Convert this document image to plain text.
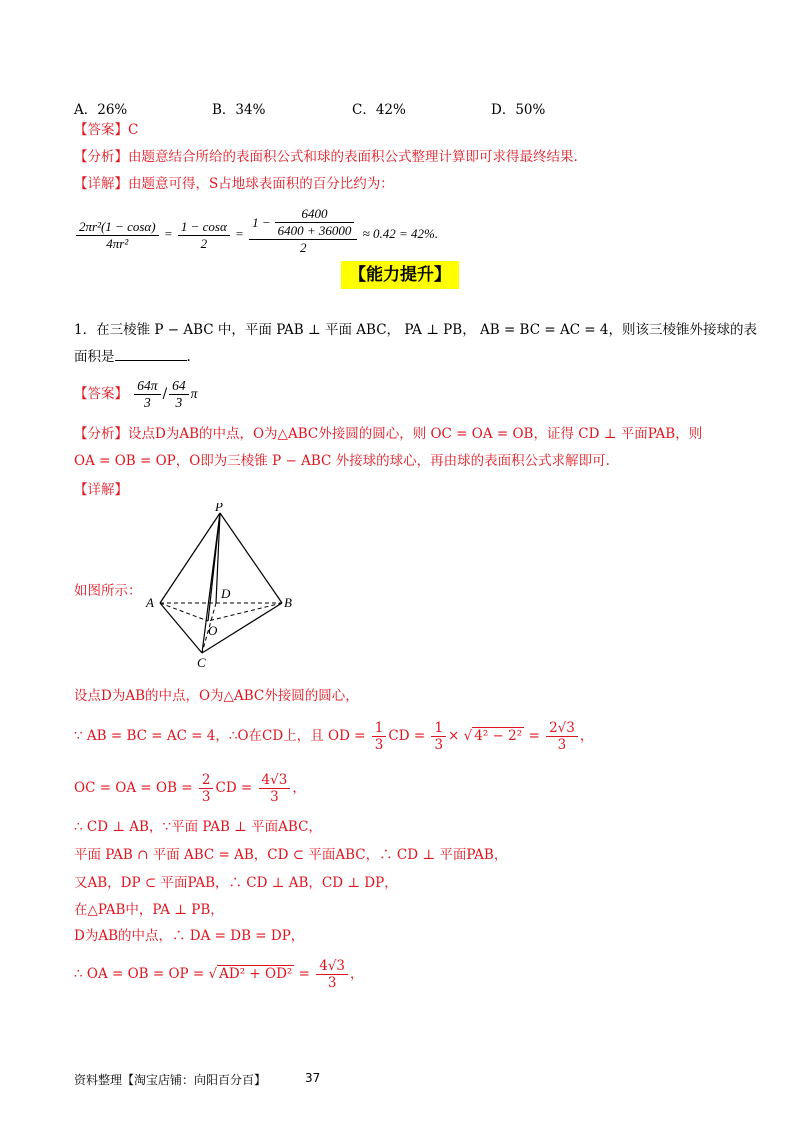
A．26%	B．34%	C．42%	D．50%
【答案】C
【分析】由题意结合所给的表面积公式和球的表面积公式整理计算即可求得最终结果.
【详解】由题意可得，S占地球表面积的百分比约为：
$\frac{\text{2πr²(1 − cosα)}}{\text{4πr²}} = \frac{1 - \cos\alpha}{2} = \frac{1 - \frac{6400}{6400 + 36000}}{2} \approx 0.42 = 42\%$.
【能力提升】
1．在三棱锥 P − ABC 中，平面 PAB ⊥ 平面 ABC， PA ⊥ PB， AB = BC = AC = 4，则该三棱锥外接球的表
面积是	.
【答案】 $\frac{64\pi}{3} / \frac{64}{3}$ π
【分析】设点D为AB的中点，O为△ABC外接圆的圆心，则 OC = OA = OB，证得 CD ⊥ 平面PAB，则
OA = OB = OP，O即为三棱锥 P − ABC 外接球的球心，再由球的表面积公式求解即可.
【详解】
如图所示：
P
A	B
C
D
O
设点D为AB的中点，O为△ABC外接圆的圆心，
∵ AB = BC = AC = 4，∴O在CD上，且 OD = $\frac{1}{3}$ CD = $\frac{1}{3}$ × √ $4^2 - 2^2 = \frac{2√3}{3}$ ，
OC = OA = OB = $\frac{2}{3}$ CD = $\frac{4√3}{3}$ ，
∴ CD ⊥ AB，∵平面 PAB ⊥ 平面ABC，
平面 PAB ∩ 平面 ABC = AB，CD ⊂ 平面ABC，∴ CD ⊥ 平面PAB，
又AB，DP ⊂ 平面PAB，∴ CD ⊥ AB，CD ⊥ DP，
在△PAB中，PA ⊥ PB，
D为AB的中点，∴ DA = DB = DP，
∴ OA = OB = OP = √ $AD^2 + OD^2 = \frac{4√3}{3}$ ，
资料整理【淘宝店铺：向阳百分百】	37
